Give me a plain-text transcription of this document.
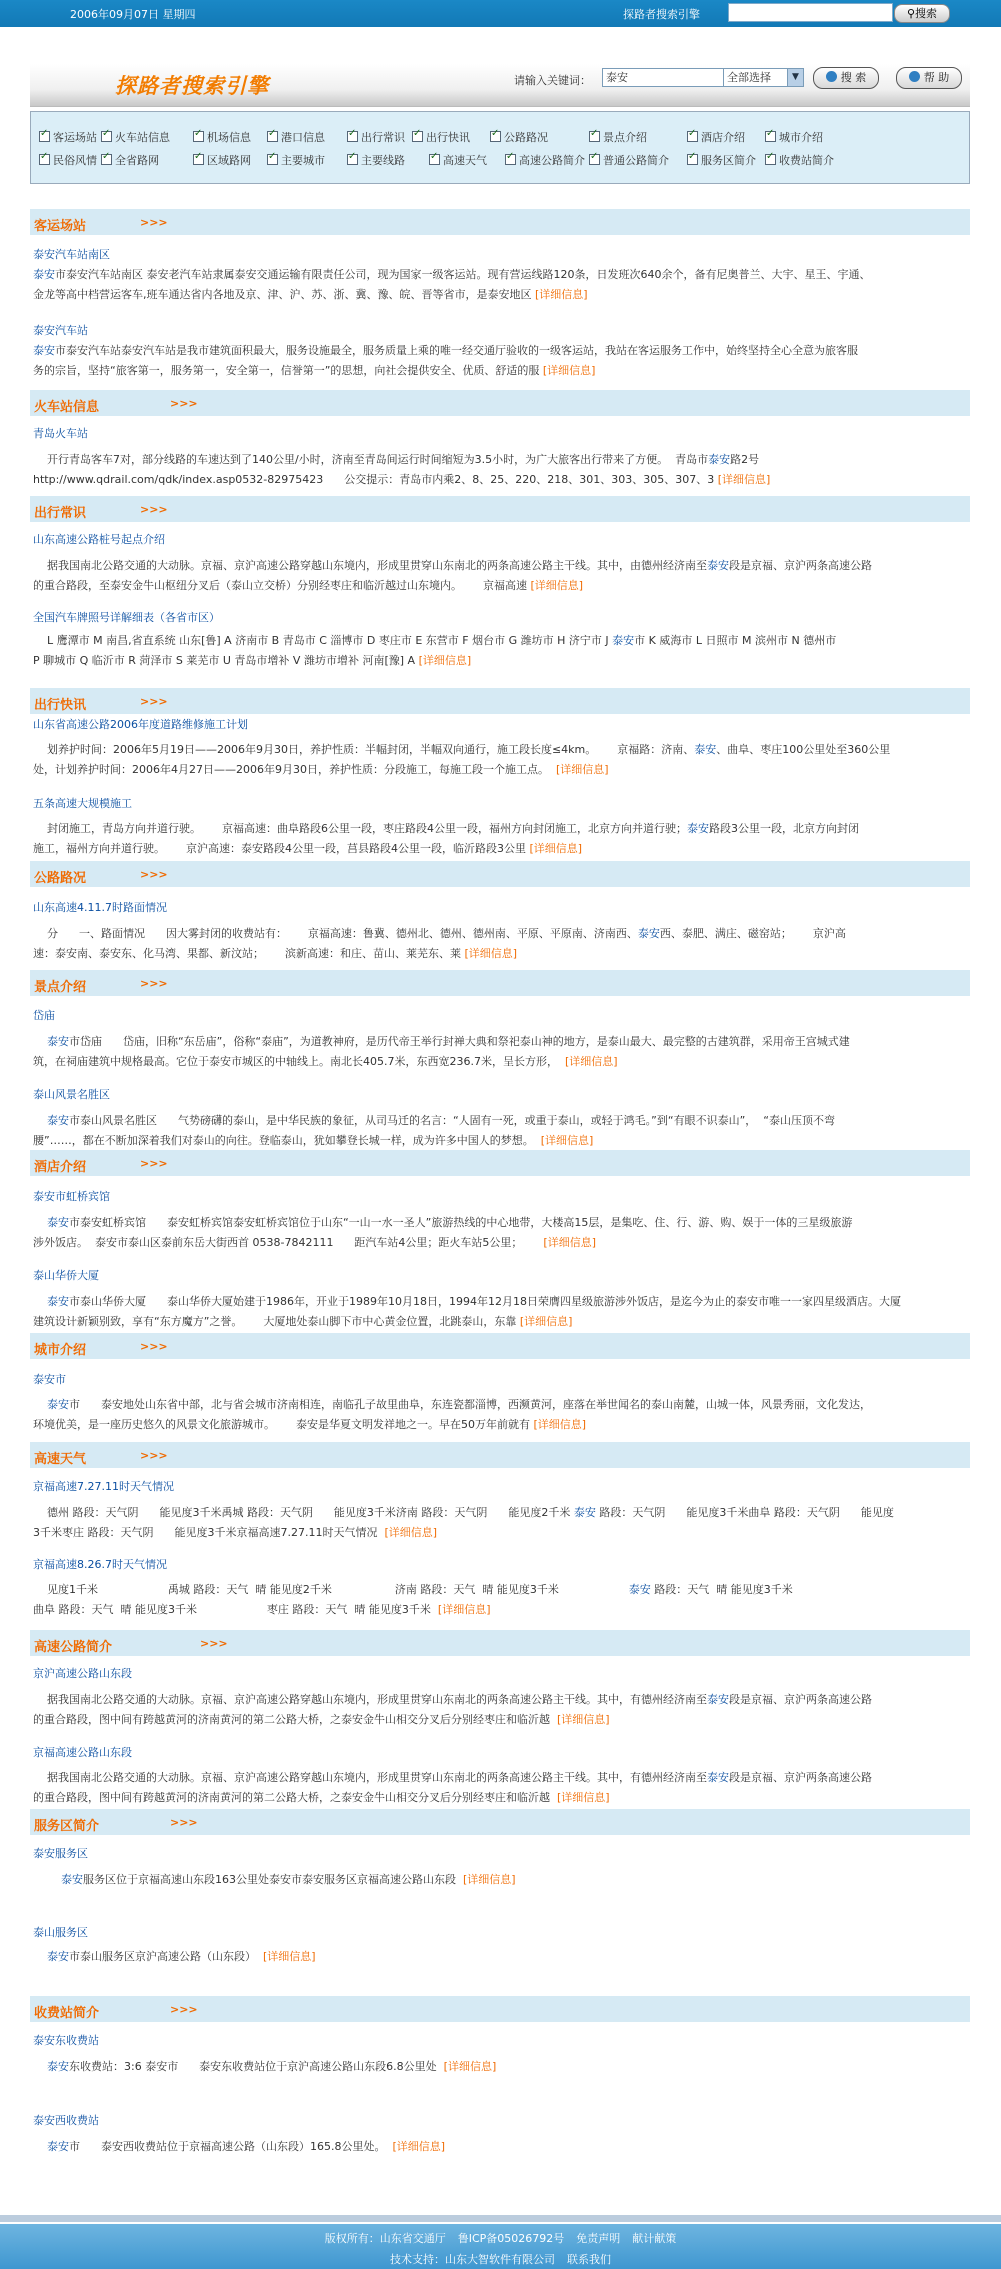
2006年09月07日 星期四	探路者搜索引擎	⚲搜索
探路者搜索引擎	请输入关键词：	泰安	全部选择	▼	搜 索	帮 助
✓客运场站 ✓	火车站信息 ✓	机场信息 ✓	港口信息 ✓	出行常识 ✓	出行快讯 ✓	公路路况 ✓	景点介绍 ✓	酒店介绍 ✓	城市介绍
✓民俗风情 ✓	全省路网 ✓	区域路网 ✓	主要城市 ✓	主要线路 ✓	高速天气 ✓	高速公路简介 ✓	普通公路简介 ✓	服务区简介 ✓	收费站简介
客运场站	>>>
泰安汽车站南区
泰安市泰安汽车站南区 泰安老汽车站隶属泰安交通运输有限责任公司，现为国家一级客运站。现有营运线路120条，日发班次640余个，备有尼奥普兰、大宇、星王、宇通、
金龙等高中档营运客车,班车通达省内各地及京、津、沪、苏、浙、冀、豫、皖、晋等省市，是泰安地区 [详细信息]
泰安汽车站
泰安市泰安汽车站泰安汽车站是我市建筑面积最大，服务设施最全，服务质量上乘的唯一经交通厅验收的一级客运站，我站在客运服务工作中，始终坚持全心全意为旅客服
务的宗旨，坚持“旅客第一，服务第一，安全第一，信誉第一”的思想，向社会提供安全、优质、舒适的服 [详细信息]
火车站信息	>>>
青岛火车站
开行青岛客车7对，部分线路的车速达到了140公里/小时，济南至青岛间运行时间缩短为3.5小时，为广大旅客出行带来了方便。  青岛市泰安路2号
http://www.qdrail.com/qdk/index.asp0532-82975423      公交提示：青岛市内乘2、8、25、220、218、301、303、305、307、3 [详细信息]
出行常识	>>>
山东高速公路桩号起点介绍
据我国南北公路交通的大动脉。京福、京沪高速公路穿越山东境内，形成里贯穿山东南北的两条高速公路主干线。其中，由德州经济南至泰安段是京福、京沪两条高速公路
的重合路段，至泰安金牛山枢纽分叉后（泰山立交桥）分别经枣庄和临沂越过山东境内。      京福高速 [详细信息]
全国汽车牌照号详解细表（各省市区）
L 鹰潭市 M 南昌,省直系统 山东[鲁] A 济南市 B 青岛市 C 淄博市 D 枣庄市 E 东营市 F 烟台市 G 潍坊市 H 济宁市 J 泰安市 K 威海市 L 日照市 M 滨州市 N 德州市
P 聊城市 Q 临沂市 R 菏泽市 S 莱芜市 U 青岛市增补 V 潍坊市增补 河南[豫] A [详细信息]
出行快讯	>>>
山东省高速公路2006年度道路维修施工计划
划养护时间：2006年5月19日——2006年9月30日，养护性质：半幅封闭，半幅双向通行，施工段长度≤4km。      京福路：济南、泰安、曲阜、枣庄100公里处至360公里
处，计划养护时间：2006年4月27日——2006年9月30日，养护性质：分段施工，每施工段一个施工点。  [详细信息]
五条高速大规模施工
封闭施工，青岛方向并道行驶。      京福高速：曲阜路段6公里一段，枣庄路段4公里一段，福州方向封闭施工，北京方向并道行驶；泰安路段3公里一段，北京方向封闭
施工，福州方向并道行驶。      京沪高速：泰安路段4公里一段，莒县路段4公里一段，临沂路段3公里 [详细信息]
公路路况	>>>
山东高速4.11.7时路面情况
分      一、路面情况      因大雾封闭的收费站有：      京福高速：鲁冀、德州北、德州、德州南、平原、平原南、济南西、泰安西、泰肥、满庄、磁窑站；      京沪高
速：泰安南、泰安东、化马湾、果都、新汶站；      滨新高速：和庄、苗山、莱芜东、莱 [详细信息]
景点介绍	>>>
岱庙
泰安市岱庙      岱庙，旧称“东岳庙”，俗称“泰庙”，为道教神府，是历代帝王举行封禅大典和祭祀泰山神的地方，是泰山最大、最完整的古建筑群，采用帝王宫城式建
筑，在祠庙建筑中规格最高。它位于泰安市城区的中轴线上。南北长405.7米，东西宽236.7米，呈长方形，  [详细信息]
泰山风景名胜区
泰安市泰山风景名胜区      气势磅礴的泰山，是中华民族的象征，从司马迁的名言：“人固有一死，或重于泰山，或轻于鸿毛。”到“有眼不识泰山”，  “泰山压顶不弯
腰”……，都在不断加深着我们对泰山的向往。登临泰山，犹如攀登长城一样，成为许多中国人的梦想。  [详细信息]
酒店介绍	>>>
泰安市虹桥宾馆
泰安市泰安虹桥宾馆      泰安虹桥宾馆泰安虹桥宾馆位于山东“一山一水一圣人”旅游热线的中心地带，大楼高15层，是集吃、住、行、游、购、娱于一体的三星级旅游
涉外饭店。  泰安市泰山区泰前东岳大街西首 0538-7842111      距汽车站4公里；距火车站5公里；      [详细信息]
泰山华侨大厦
泰安市泰山华侨大厦      泰山华侨大厦始建于1986年，开业于1989年10月18日，1994年12月18日荣膺四星级旅游涉外饭店，是迄今为止的泰安市唯一一家四星级酒店。大厦
建筑设计新颖别致，享有“东方魔方”之誉。      大厦地处泰山脚下市中心黄金位置，北跳泰山，东靠 [详细信息]
城市介绍	>>>
泰安市
泰安市      泰安地处山东省中部，北与省会城市济南相连，南临孔子故里曲阜，东连瓷都淄博，西濒黄河，座落在举世闻名的泰山南麓，山城一体，风景秀丽，文化发达，
环境优美，是一座历史悠久的风景文化旅游城市。      泰安是华夏文明发祥地之一。早在50万年前就有 [详细信息]
高速天气	>>>
京福高速7.27.11时天气情况
德州 路段：天气阴      能见度3千米禹城 路段：天气阴      能见度3千米济南 路段：天气阴      能见度2千米 泰安 路段：天气阴      能见度3千米曲阜 路段：天气阴      能见度
3千米枣庄 路段：天气阴      能见度3千米京福高速7.27.11时天气情况  [详细信息]
京福高速8.26.7时天气情况
见度1千米                    禹城 路段：天气  晴 能见度2千米                  济南 路段：天气  晴 能见度3千米                    泰安 路段：天气  晴 能见度3千米
曲阜 路段：天气  晴 能见度3千米                    枣庄 路段：天气  晴 能见度3千米  [详细信息]
高速公路简介	>>>
京沪高速公路山东段
据我国南北公路交通的大动脉。京福、京沪高速公路穿越山东境内，形成里贯穿山东南北的两条高速公路主干线。其中，有德州经济南至泰安段是京福、京沪两条高速公路
的重合路段，图中间有跨越黄河的济南黄河的第二公路大桥，之泰安金牛山相交分叉后分别经枣庄和临沂越  [详细信息]
京福高速公路山东段
据我国南北公路交通的大动脉。京福、京沪高速公路穿越山东境内，形成里贯穿山东南北的两条高速公路主干线。其中，有德州经济南至泰安段是京福、京沪两条高速公路
的重合路段，图中间有跨越黄河的济南黄河的第二公路大桥，之泰安金牛山相交分叉后分别经枣庄和临沂越  [详细信息]
服务区简介	>>>
泰安服务区
泰安服务区位于京福高速山东段163公里处泰安市泰安服务区京福高速公路山东段  [详细信息]
泰山服务区
泰安市泰山服务区京沪高速公路（山东段）  [详细信息]
收费站简介	>>>
泰安东收费站
泰安东收费站：3:6 泰安市      泰安东收费站位于京沪高速公路山东段6.8公里处  [详细信息]
泰安西收费站
泰安市      泰安西收费站位于京福高速公路（山东段）165.8公里处。  [详细信息]
版权所有：山东省交通厅 鲁ICP备05026792号 免责声明 献计献策
技术支持：山东大智软件有限公司 联系我们
